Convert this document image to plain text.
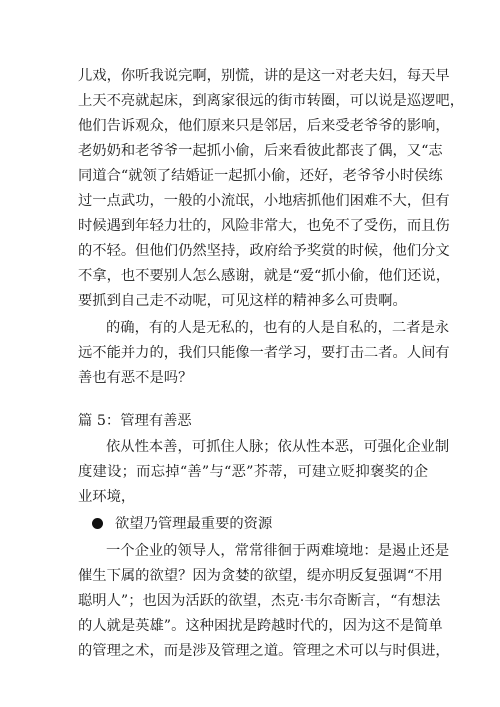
儿戏，你听我说完啊，别慌，讲的是这一对老夫妇，每天早
上天不亮就起床，到离家很远的街市转圈，可以说是巡逻吧，
他们告诉观众，他们原来只是邻居，后来受老爷爷的影响，
老奶奶和老爷爷一起抓小偷，后来看彼此都丧了偶，又“志
同道合“就领了结婚证一起抓小偷，还好，老爷爷小时侯练
过一点武功，一般的小流氓，小地痞抓他们困难不大，但有
时候遇到年轻力壮的，风险非常大，也免不了受伤，而且伤
的不轻。但他们仍然坚持，政府给予奖赏的时候，他们分文
不拿，也不要别人怎么感谢，就是“爱“抓小偷，他们还说，
要抓到自己走不动呢，可见这样的精神多么可贵啊。
的确，有的人是无私的，也有的人是自私的，二者是永
远不能并力的，我们只能像一者学习，要打击二者。人间有
善也有恶不是吗？
篇 5：管理有善恶
依从性本善，可抓住人脉；依从性本恶，可强化企业制
度建设；而忘掉“善”与“恶”芥蒂，可建立贬抑褒奖的企
业环境，
欲望乃管理最重要的资源
一个企业的领导人，常常徘徊于两难境地：是遏止还是
催生下属的欲望？因为贪婪的欲望，缇亦明反复强调“不用
聪明人”；也因为活跃的欲望，杰克·韦尔奇断言，“有想法
的人就是英雄”。这种困扰是跨越时代的，因为这不是简单
的管理之术，而是涉及管理之道。管理之术可以与时俱进，
